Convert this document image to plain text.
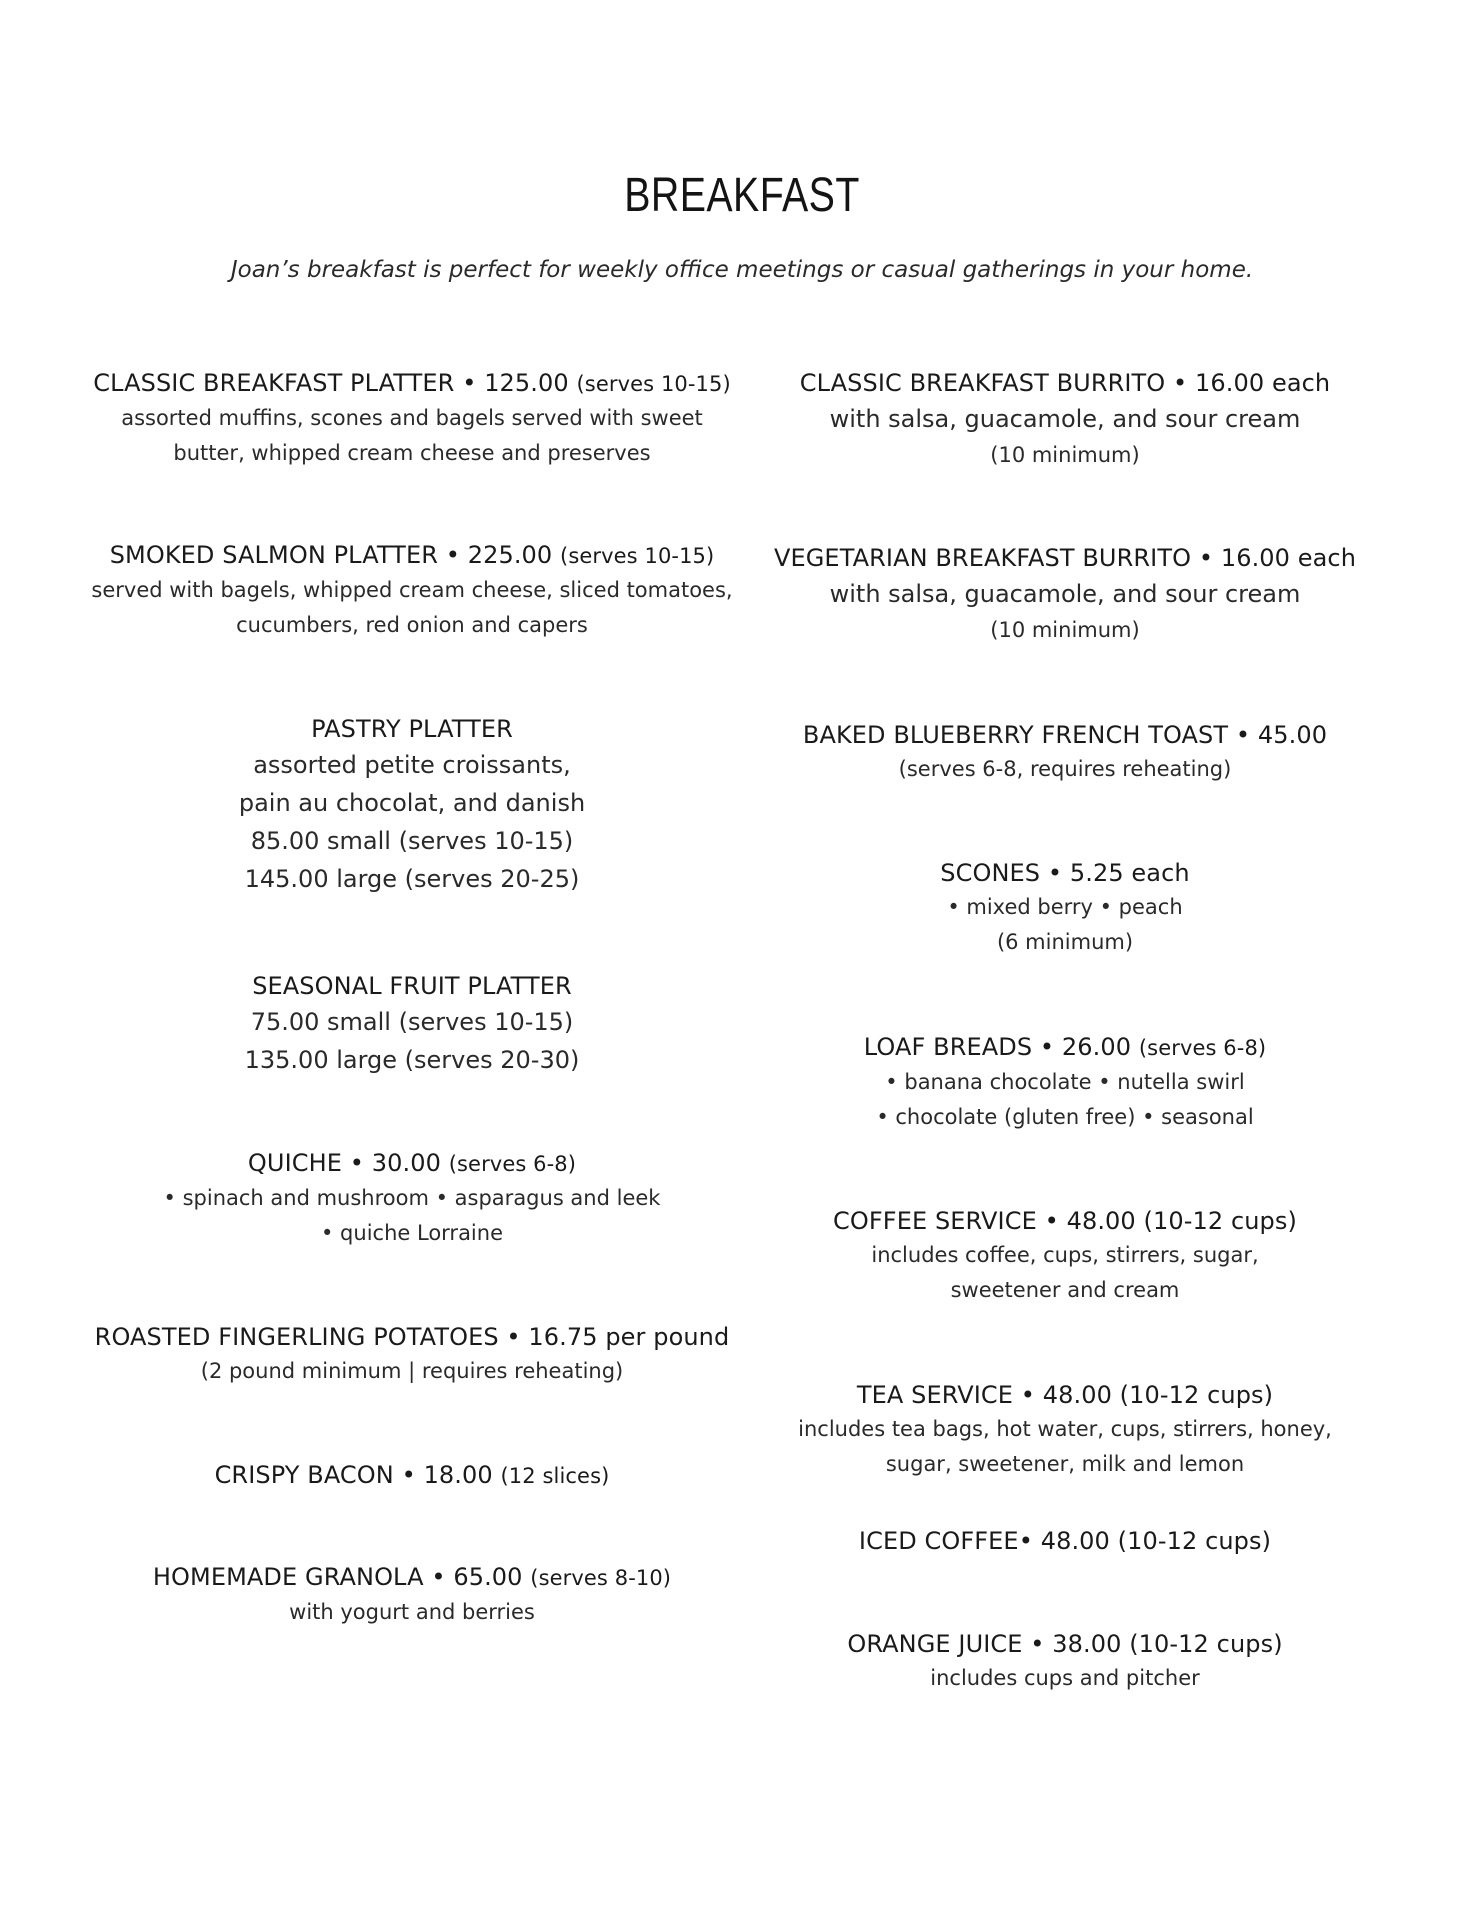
BREAKFAST
Joan’s breakfast is perfect for weekly office meetings or casual gatherings in your home.
CLASSIC BREAKFAST PLATTER • 125.00 (serves 10-15)
assorted muffins, scones and bagels served with sweet
butter, whipped cream cheese and preserves
SMOKED SALMON PLATTER • 225.00 (serves 10-15)
served with bagels, whipped cream cheese, sliced tomatoes,
cucumbers, red onion and capers
PASTRY PLATTER
assorted petite croissants,
pain au chocolat, and danish
85.00 small (serves 10-15)
145.00 large (serves 20-25)
SEASONAL FRUIT PLATTER
75.00 small (serves 10-15)
135.00 large (serves 20-30)
QUICHE • 30.00 (serves 6-8)
• spinach and mushroom • asparagus and leek
• quiche Lorraine
ROASTED FINGERLING POTATOES • 16.75 per pound
(2 pound minimum | requires reheating)
CRISPY BACON • 18.00 (12 slices)
HOMEMADE GRANOLA • 65.00 (serves 8-10)
with yogurt and berries
CLASSIC BREAKFAST BURRITO • 16.00 each
with salsa, guacamole, and sour cream
(10 minimum)
VEGETARIAN BREAKFAST BURRITO • 16.00 each
with salsa, guacamole, and sour cream
(10 minimum)
BAKED BLUEBERRY FRENCH TOAST • 45.00
(serves 6-8, requires reheating)
SCONES • 5.25 each
• mixed berry • peach
(6 minimum)
LOAF BREADS • 26.00 (serves 6-8)
• banana chocolate • nutella swirl
• chocolate (gluten free) • seasonal
COFFEE SERVICE • 48.00 (10-12 cups)
includes coffee, cups, stirrers, sugar,
sweetener and cream
TEA SERVICE • 48.00 (10-12 cups)
includes tea bags, hot water, cups, stirrers, honey,
sugar, sweetener, milk and lemon
ICED COFFEE• 48.00 (10-12 cups)
ORANGE JUICE • 38.00 (10-12 cups)
includes cups and pitcher
